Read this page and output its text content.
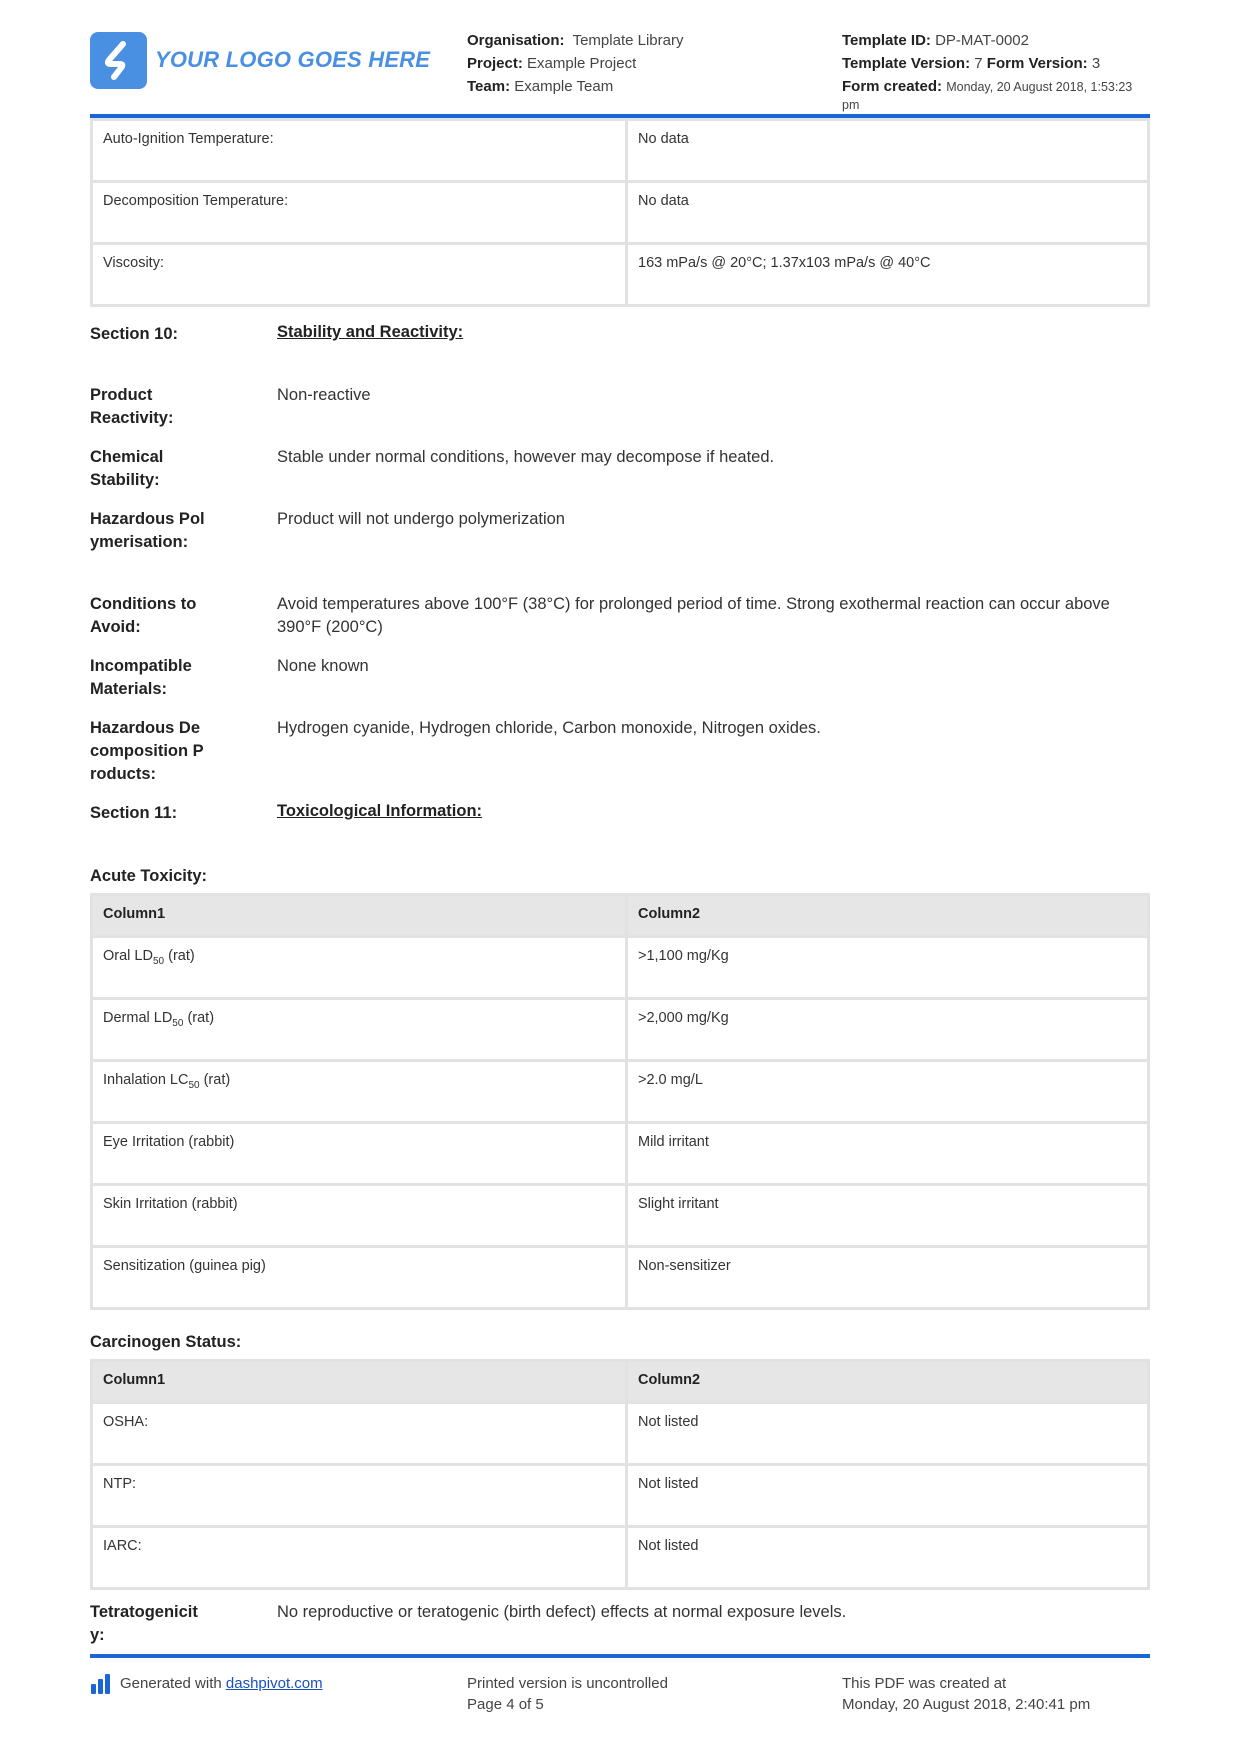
YOUR LOGO GOES HERE
Organisation: Template Library
Project: Example Project
Team: Example Team
Template ID: DP-MAT-0002
Template Version: 7 Form Version: 3
Form created: Monday, 20 August 2018, 1:53:23 pm
Auto-Ignition Temperature:	No data
Decomposition Temperature:	No data
Viscosity:	163 mPa/s @ 20°C; 1.37x103 mPa/s @ 40°C
Section 10:	Stability and Reactivity:
Product Reactivity:
Non-reactive
Chemical Stability:
Stable under normal conditions, however may decompose if heated.
Hazardous Polymerisation:
Product will not undergo polymerization
Conditions to Avoid:
Avoid temperatures above 100°F (38°C) for prolonged period of time. Strong exothermal reaction can occur above 390°F (200°C)
Incompatible Materials:
None known
Hazardous Decomposition Products:
Hydrogen cyanide, Hydrogen chloride, Carbon monoxide, Nitrogen oxides.
Section 11:	Toxicological Information:
Acute Toxicity:
Column1	Column2
Oral $LD_{50}$ (rat)	>1,100 mg/Kg
Dermal $LD_{50}$ (rat)	>2,000 mg/Kg
Inhalation $LC_{50}$ (rat)	>2.0 mg/L
Eye Irritation (rabbit)	Mild irritant
Skin Irritation (rabbit)	Slight irritant
Sensitization (guinea pig)	Non-sensitizer
Carcinogen Status:
Column1	Column2
OSHA:	Not listed
NTP:	Not listed
IARC:	Not listed
Tetratogenicity:
No reproductive or teratogenic (birth defect) effects at normal exposure levels.
Generated with dashpivot.com	Printed version is uncontrolled
Page 4 of 5
This PDF was created at
Monday, 20 August 2018, 2:40:41 pm
